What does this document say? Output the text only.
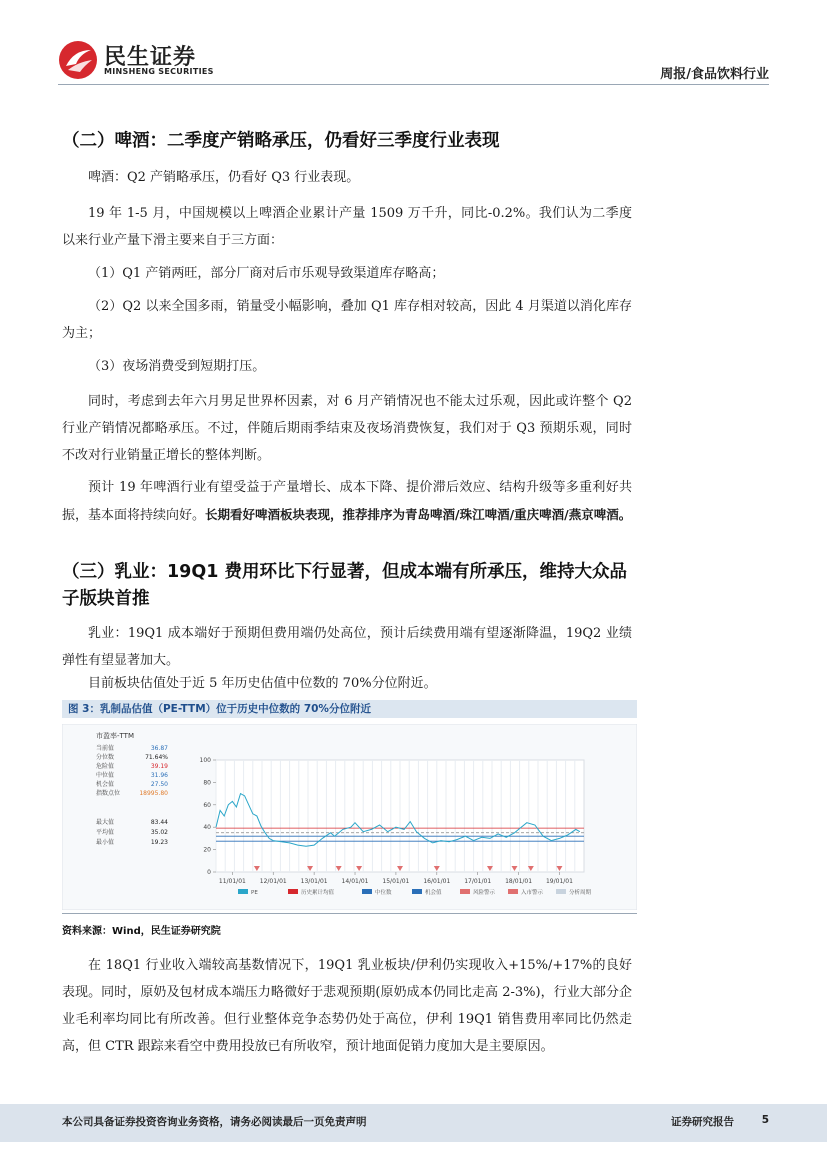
民生证券
MINSHENG SECURITIES	周报/食品饮料行业
（二）啤酒：二季度产销略承压，仍看好三季度行业表现
啤酒：Q2 产销略承压，仍看好 Q3 行业表现。
19 年 1-5 月，中国规模以上啤酒企业累计产量 1509 万千升，同比-0.2%。我们认为二季度以来行业产量下滑主要来自于三方面：
（1）Q1 产销两旺，部分厂商对后市乐观导致渠道库存略高；
（2）Q2 以来全国多雨，销量受小幅影响，叠加 Q1 库存相对较高，因此 4 月渠道以消化库存为主；
（3）夜场消费受到短期打压。
同时，考虑到去年六月男足世界杯因素，对 6 月产销情况也不能太过乐观，因此或许整个 Q2 行业产销情况都略承压。不过，伴随后期雨季结束及夜场消费恢复，我们对于 Q3 预期乐观，同时不改对行业销量正增长的整体判断。
预计 19 年啤酒行业有望受益于产量增长、成本下降、提价滞后效应、结构升级等多重利好共振，基本面将持续向好。长期看好啤酒板块表现，推荐排序为青岛啤酒/珠江啤酒/重庆啤酒/燕京啤酒。
（三）乳业：19Q1 费用环比下行显著，但成本端有所承压，维持大众品子版块首推
乳业：19Q1 成本端好于预期但费用端仍处高位，预计后续费用端有望逐渐降温，19Q2 业绩弹性有望显著加大。
目前板块估值处于近 5 年历史估值中位数的 70%分位附近。
图 3：乳制品估值（PE-TTM）位于历史中位数的 70%分位附近
市盈率-TTM
当前值	36.87
分位数	71.64%
危险值	39.19
中位值	31.96
机会值	27.50
指数点位	18995.80
最大值	83.44
平均值	35.02
最小值	19.23
0
20
40
60
80
100
11/01/01 12/01/01 13/01/01 14/01/01 15/01/01 16/01/01 17/01/01 18/01/01 19/01/01
PE	历史累计均值	中位数	机会值	风险警示	入市警示	分析周期
资料来源：Wind，民生证券研究院
在 18Q1 行业收入端较高基数情况下，19Q1 乳业板块/伊利仍实现收入+15%/+17%的良好表现。同时，原奶及包材成本端压力略微好于悲观预期(原奶成本仍同比走高 2-3%)，行业大部分企业毛利率均同比有所改善。但行业整体竞争态势仍处于高位，伊利 19Q1 销售费用率同比仍然走高，但 CTR 跟踪来看空中费用投放已有所收窄，预计地面促销力度加大是主要原因。
本公司具备证券投资咨询业务资格，请务必阅读最后一页免责声明	证券研究报告	5
